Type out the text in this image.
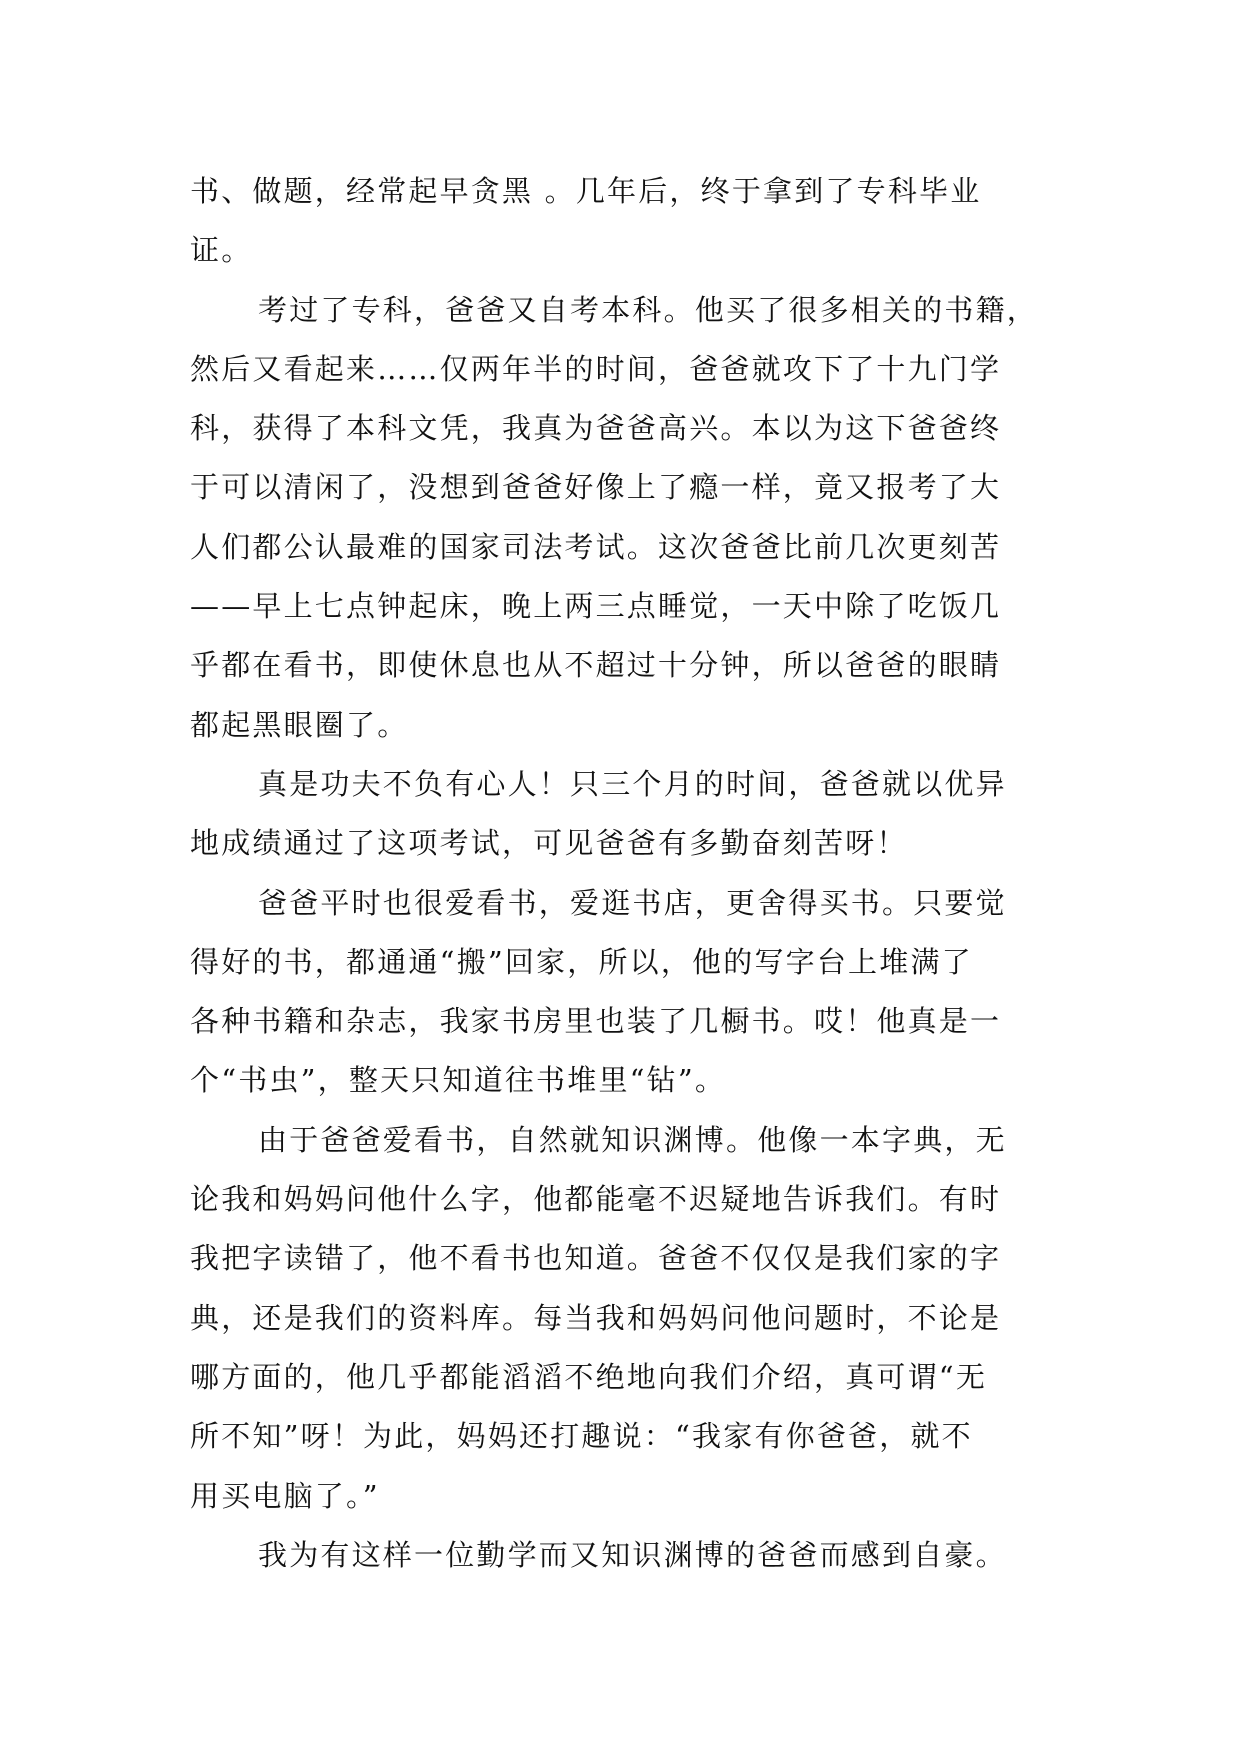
书、做题，经常起早贪黑 。几年后，终于拿到了专科毕业
证。
考过了专科，爸爸又自考本科。他买了很多相关的书籍，
然后又看起来……仅两年半的时间，爸爸就攻下了十九门学
科，获得了本科文凭，我真为爸爸高兴。本以为这下爸爸终
于可以清闲了，没想到爸爸好像上了瘾一样，竟又报考了大
人们都公认最难的国家司法考试。这次爸爸比前几次更刻苦
——早上七点钟起床，晚上两三点睡觉，一天中除了吃饭几
乎都在看书，即使休息也从不超过十分钟，所以爸爸的眼睛
都起黑眼圈了。
真是功夫不负有心人！只三个月的时间，爸爸就以优异
地成绩通过了这项考试，可见爸爸有多勤奋刻苦呀！
爸爸平时也很爱看书，爱逛书店，更舍得买书。只要觉
得好的书，都通通“搬”回家，所以，他的写字台上堆满了
各种书籍和杂志，我家书房里也装了几橱书。哎！他真是一
个“书虫”，整天只知道往书堆里“钻”。
由于爸爸爱看书，自然就知识渊博。他像一本字典，无
论我和妈妈问他什么字，他都能毫不迟疑地告诉我们。有时
我把字读错了，他不看书也知道。爸爸不仅仅是我们家的字
典，还是我们的资料库。每当我和妈妈问他问题时，不论是
哪方面的，他几乎都能滔滔不绝地向我们介绍，真可谓“无
所不知”呀！为此，妈妈还打趣说：“我家有你爸爸，就不
用买电脑了。”
我为有这样一位勤学而又知识渊博的爸爸而感到自豪。
